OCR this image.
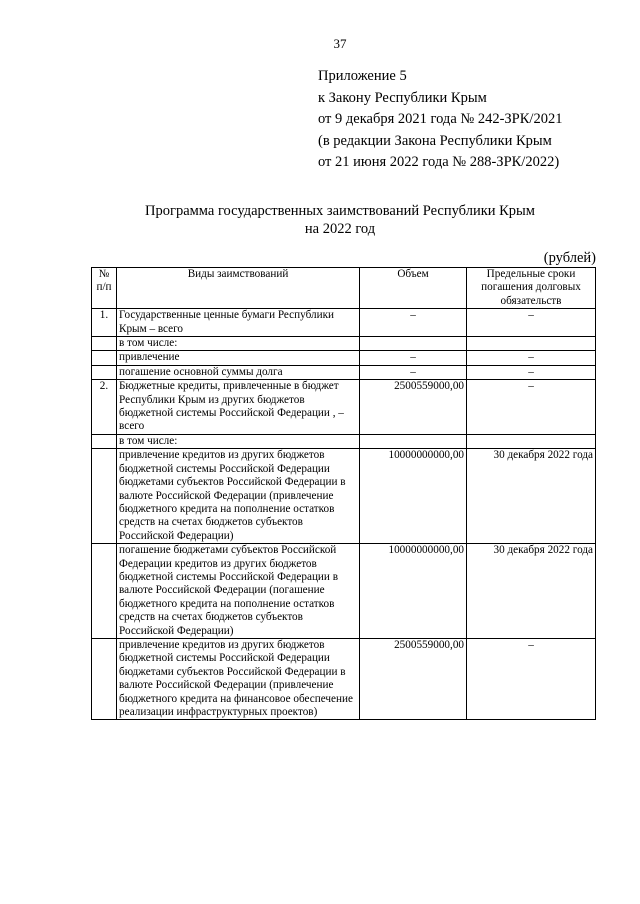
37
Приложение 5
к Закону Республики Крым
от 9 декабря 2021 года № 242-ЗРК/2021
(в редакции Закона Республики Крым
от 21 июня 2022 года № 288-ЗРК/2022)
Программа государственных заимствований Республики Крым
на 2022 год
(рублей)
№ п/п	Виды заимствований	Объем	Предельные сроки погашения долговых обязательств
1.	Государственные ценные бумаги Республики Крым – всего	–	–
	в том числе:		
	привлечение	–	–
	погашение основной суммы долга	–	–
2.	Бюджетные кредиты, привлеченные в бюджет Республики Крым из других бюджетов бюджетной системы Российской Федерации , – всего	2500559000,00	–
	в том числе:		
	привлечение кредитов из других бюджетов бюджетной системы Российской Федерации бюджетами субъектов Российской Федерации в валюте Российской Федерации (привлечение бюджетного кредита на пополнение остатков средств на счетах бюджетов субъектов Российской Федерации)	10000000000,00	30 декабря 2022 года
	погашение бюджетами субъектов Российской Федерации кредитов из других бюджетов бюджетной системы Российской Федерации в валюте Российской Федерации (погашение бюджетного кредита на пополнение остатков средств на счетах бюджетов субъектов Российской Федерации)	10000000000,00	30 декабря 2022 года
	привлечение кредитов из других бюджетов бюджетной системы Российской Федерации бюджетами субъектов Российской Федерации в валюте Российской Федерации (привлечение бюджетного кредита на финансовое обеспечение реализации инфраструктурных проектов)	2500559000,00	–
